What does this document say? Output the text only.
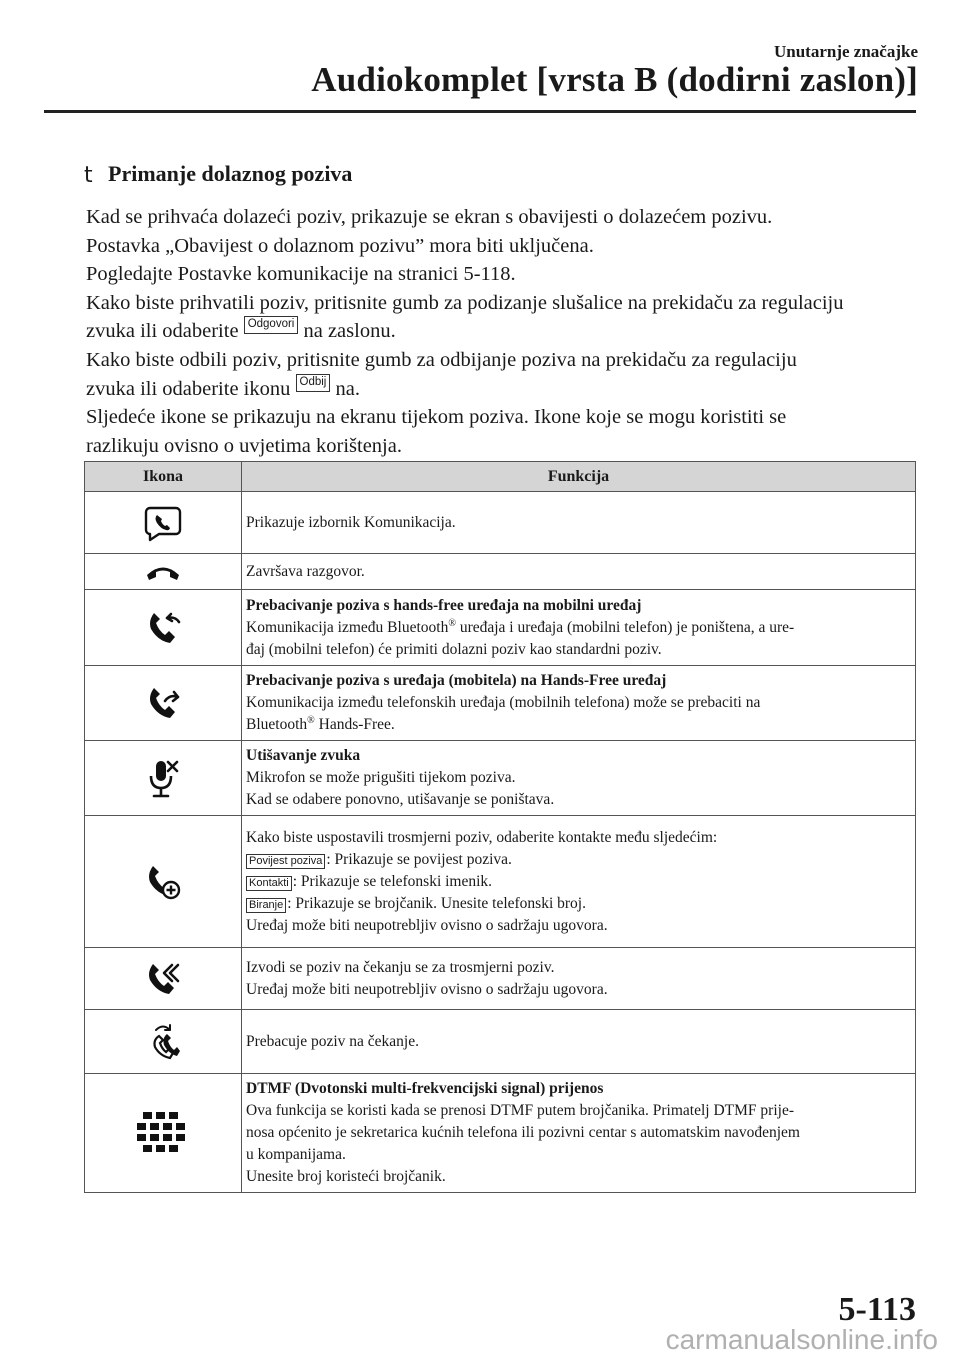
Unutarnje značajke
Audiokomplet [vrsta B (dodirni zaslon)]
t Primanje dolaznog poziva

Kad se prihvaća dolazeći poziv, prikazuje se ekran s obavijesti o dolazećem pozivu.

Postavka „Obavijest o dolaznom pozivu” mora biti uključena.

Pogledajte Postavke komunikacije na stranici 5-118.

Kako biste prihvatili poziv, pritisnite gumb za podizanje slušalice na prekidaču za regulaciju

zvuka ili odaberite Odgovori na zaslonu.

Kako biste odbili poziv, pritisnite gumb za odbijanje poziva na prekidaču za regulaciju

zvuka ili odaberite ikonu Odbij na.

Sljedeće ikone se prikazuju na ekranu tijekom poziva. Ikone koje se mogu koristiti se

razlikuju ovisno o uvjetima korištenja.

Ikona	Funkcija

Prikazuje izbornik Komunikacija.

Završava razgovor.

Prebacivanje poziva s hands-free uređaja na mobilni uređaj
Komunikacija između Bluetooth® uređaja i uređaja (mobilni telefon) je poništena, a ure-
đaj (mobilni telefon) će primiti dolazni poziv kao standardni poziv.

Prebacivanje poziva s uređaja (mobitela) na Hands-Free uređaj
Komunikacija između telefonskih uređaja (mobilnih telefona) može se prebaciti na
Bluetooth® Hands-Free.

Utišavanje zvuka
Mikrofon se može prigušiti tijekom poziva.
Kad se odabere ponovno, utišavanje se poništava.

Kako biste uspostavili trosmjerni poziv, odaberite kontakte među sljedećim:
Povijest poziva : Prikazuje se povijest poziva.
Kontakti : Prikazuje se telefonski imenik.
Biranje : Prikazuje se brojčanik. Unesite telefonski broj.
Uređaj može biti neupotrebljiv ovisno o sadržaju ugovora.

Izvodi se poziv na čekanju se za trosmjerni poziv.
Uređaj može biti neupotrebljiv ovisno o sadržaju ugovora.

Prebacuje poziv na čekanje.

DTMF (Dvotonski multi-frekvencijski signal) prijenos
Ova funkcija se koristi kada se prenosi DTMF putem brojčanika. Primatelj DTMF prije-
nosa općenito je sekretarica kućnih telefona ili pozivni centar s automatskim navođenjem
u kompanijama.
Unesite broj koristeći brojčanik.
5-113
carmanualsonline.info
